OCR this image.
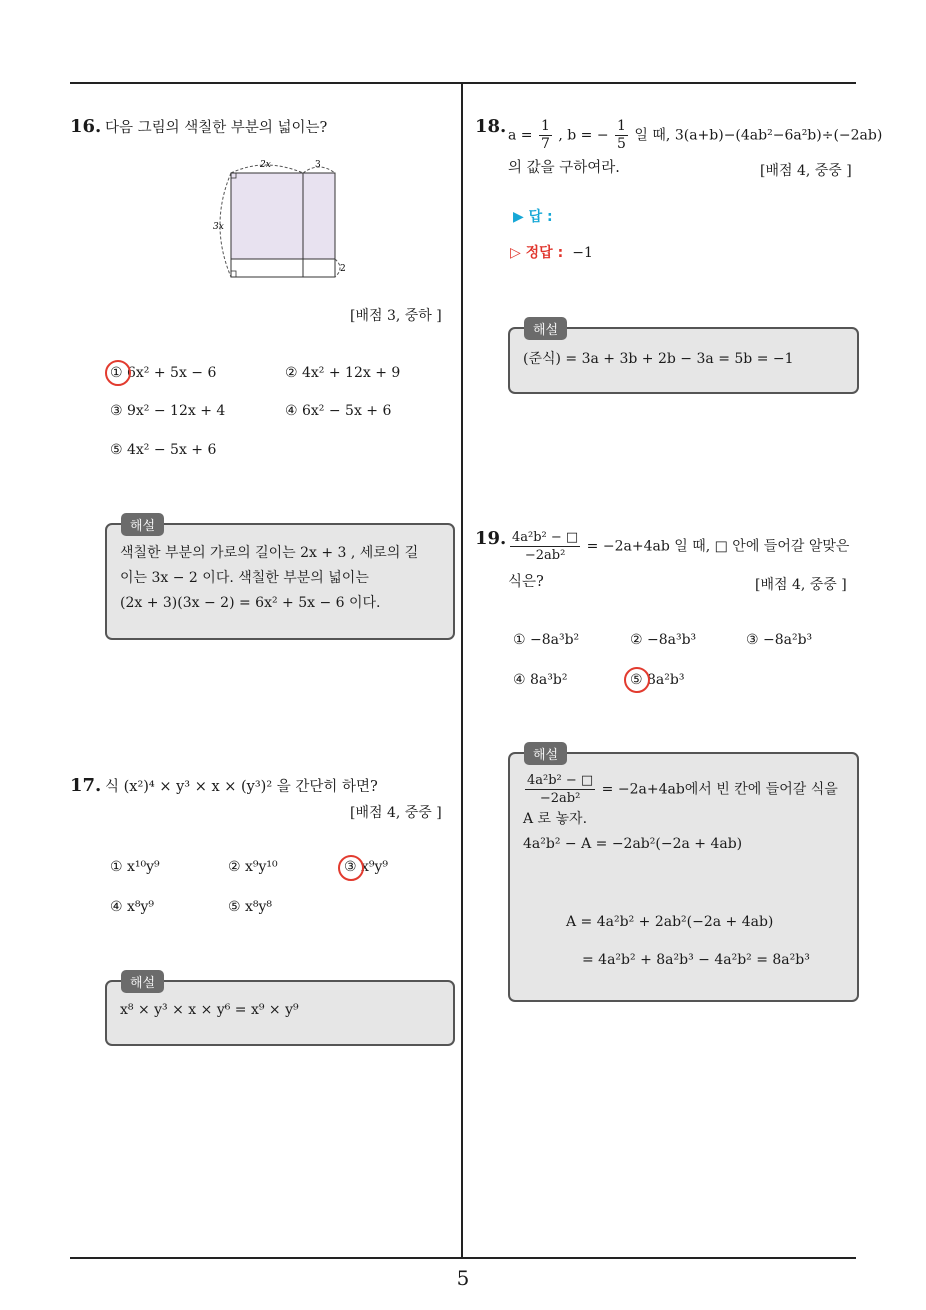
5
16. 다음 그림의 색칠한 부분의 넓이는?
2x	3
3x
2
[배점 3, 중하 ]
① 6x² + 5x − 6	② 4x² + 12x + 9
③ 9x² − 12x + 4	④ 6x² − 5x + 6
⑤ 4x² − 5x + 6
해설
색칠한 부분의 가로의 길이는 2x + 3 , 세로의 길
이는 3x − 2 이다. 색칠한 부분의 넓이는
(2x + 3)(3x − 2) = 6x² + 5x − 6 이다.
17. 식 (x²)⁴ × y³ × x × (y³)² 을 간단히 하면?
[배점 4, 중중 ]
① x¹⁰y⁹	② x⁹y¹⁰	③ x⁹y⁹
④ x⁸y⁹	⑤ x⁸y⁸
해설
x⁸ × y³ × x × y⁶ = x⁹ × y⁹
18. $a = \frac{1}{7}$ , b = − $\frac{1}{5}$ 일 때, 3(a+b)−(4ab²−6a²b)÷(−2ab)
의 값을 구하여라.	[배점 4, 중중 ]
▶ 답 :
▷ 정답 : −1
해설
(준식) = 3a + 3b + 2b − 3a = 5b = −1
19. $\frac{\text{4a²b² − □}}{\text{−2ab²}} = -2a+4ab$ 일 때, □ 안에 들어갈 알맞은
식은?	[배점 4, 중중 ]
① −8a³b²	② −8a³b³	③ −8a²b³
④ 8a³b²	⑤ 8a²b³
해설
$\frac{\text{4a²b² − □}}{\text{−2ab²}} = -2a+4ab$에서 빈 칸에 들어갈 식을
A 로 놓자.
4a²b² − A = −2ab²(−2a + 4ab)
A = 4a²b² + 2ab²(−2a + 4ab)
= 4a²b² + 8a²b³ − 4a²b² = 8a²b³
